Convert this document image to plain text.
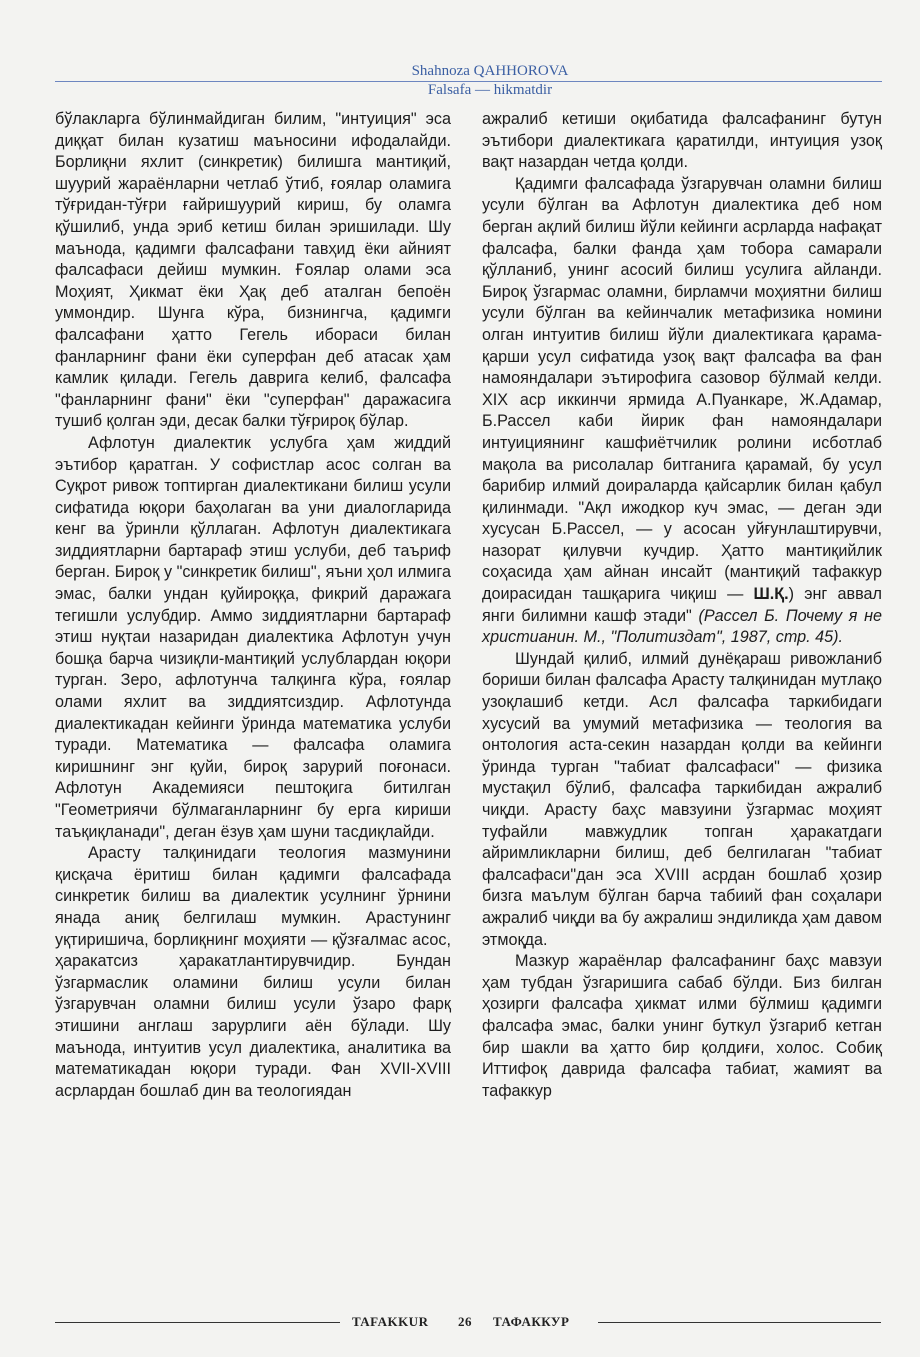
Shahnoza QAHHOROVA
Falsafa — hikmatdir

бўлакларга бўлинмайдиган билим, "интуиция" эса диққат билан кузатиш маъносини ифодалайди. Борлиқни яхлит (синкретик) билишга мантиқий, шуурий жараёнларни четлаб ўтиб, ғоялар оламига тўғридан-тўғри ғайришуурий кириш, бу оламга қўшилиб, унда эриб кетиш билан эришилади. Шу маънода, қадимги фалсафани тавҳид ёки айният фалсафаси дейиш мумкин. Ғоялар олами эса Моҳият, Ҳикмат ёки Ҳақ деб аталган бепоён уммондир. Шунга кўра, бизнингча, қадимги фалсафани ҳатто Гегель ибораси билан фанларнинг фани ёки суперфан деб атасак ҳам камлик қилади. Гегель даврига келиб, фалсафа "фанларнинг фани" ёки "суперфан" даражасига тушиб қолган эди, десак балки тўғрироқ бўлар.

Афлотун диалектик услубга ҳам жиддий эътибор қаратган. У софистлар асос солган ва Суқрот ривож топтирган диалектикани билиш усули сифатида юқори баҳолаган ва уни диалогларида кенг ва ўринли қўллаган. Афлотун диалектикага зиддиятларни бартараф этиш услуби, деб таъриф берган. Бироқ у "синкретик билиш", яъни ҳол илмига эмас, балки ундан қуйироққа, фикрий даражага тегишли услубдир. Аммо зиддиятларни бартараф этиш нуқтаи назаридан диалектика Афлотун учун бошқа барча чизиқли-мантиқий услублардан юқори турган. Зеро, афлотунча талқинга кўра, ғоялар олами яхлит ва зиддиятсиздир. Афлотунда диалектикадан кейинги ўринда математика услуби туради. Математика — фалсафа оламига киришнинг энг қуйи, бироқ зарурий поғонаси. Афлотун Академияси пештоқига битилган "Геометриячи бўлмаганларнинг бу ерга кириши таъқиқланади", деган ёзув ҳам шуни тасдиқлайди.

Арасту талқинидаги теология мазмунини қисқача ёритиш билан қадимги фалсафада синкретик билиш ва диалектик усулнинг ўрнини янада аниқ белгилаш мумкин. Арастунинг уқтиришича, борлиқнинг моҳияти — қўзғалмас асос, ҳаракатсиз ҳаракатлантирувчидир. Бундан ўзгармаслик оламини билиш усули билан ўзгарувчан оламни билиш усули ўзаро фарқ этишини англаш зарурлиги аён бўлади. Шу маънода, интуитив усул диалектика, аналитика ва математикадан юқори туради. Фан XVII-XVIII асрлардан бошлаб дин ва теологиядан

ажралиб кетиши оқибатида фалсафанинг бутун эътибори диалектикага қаратилди, интуиция узоқ вақт назардан четда қолди.

Қадимги фалсафада ўзгарувчан оламни билиш усули бўлган ва Афлотун диалектика деб ном берган ақлий билиш йўли кейинги асрларда нафақат фалсафа, балки фанда ҳам тобора самарали қўлланиб, унинг асосий билиш усулига айланди. Бироқ ўзгармас оламни, бирламчи моҳиятни билиш усули бўлган ва кейинчалик метафизика номини олган интуитив билиш йўли диалектикага қарама-қарши усул сифатида узоқ вақт фалсафа ва фан намояндалари эътирофига сазовор бўлмай келди. XIX аср иккинчи ярмида А.Пуанкаре, Ж.Адамар, Б.Рассел каби йирик фан намояндалари интуициянинг кашфиётчилик ролини исботлаб мақола ва рисолалар битганига қарамай, бу усул барибир илмий доираларда қайсарлик билан қабул қилинмади. "Ақл ижодкор куч эмас, — деган эди хусусан Б.Рассел, — у асосан уйғунлаштирувчи, назорат қилувчи кучдир. Ҳатто мантиқийлик соҳасида ҳам айнан инсайт (мантиқий тафаккур доирасидан ташқарига чиқиш — Ш.Қ.) энг аввал янги билимни кашф этади" (Рассел Б. Почему я не христианин. М., "Политиздат", 1987, стр. 45).

Шундай қилиб, илмий дунёқараш ривожланиб бориши билан фалсафа Арасту талқинидан мутлақо узоқлашиб кетди. Асл фалсафа таркибидаги хусусий ва умумий метафизика — теология ва онтология аста-секин назардан қолди ва кейинги ўринда турган "табиат фалсафаси" — физика мустақил бўлиб, фалсафа таркибидан ажралиб чиқди. Арасту баҳс мавзуини ўзгармас моҳият туфайли мавжудлик топган ҳаракатдаги айримликларни билиш, деб белгилаган "табиат фалсафаси"дан эса XVIII асрдан бошлаб ҳозир бизга маълум бўлган барча табиий фан соҳалари ажралиб чиқди ва бу ажралиш эндиликда ҳам давом этмоқда.

Мазкур жараёнлар фалсафанинг баҳс мавзуи ҳам тубдан ўзгаришига сабаб бўлди. Биз билган ҳозирги фалсафа ҳикмат илми бўлмиш қадимги фалсафа эмас, балки унинг буткул ўзгариб кетган бир шакли ва ҳатто бир қолдиғи, холос. Собиқ Иттифоқ даврида фалсафа табиат, жамият ва тафаккур

TAFAKKUR 26 ТАФАККУР
